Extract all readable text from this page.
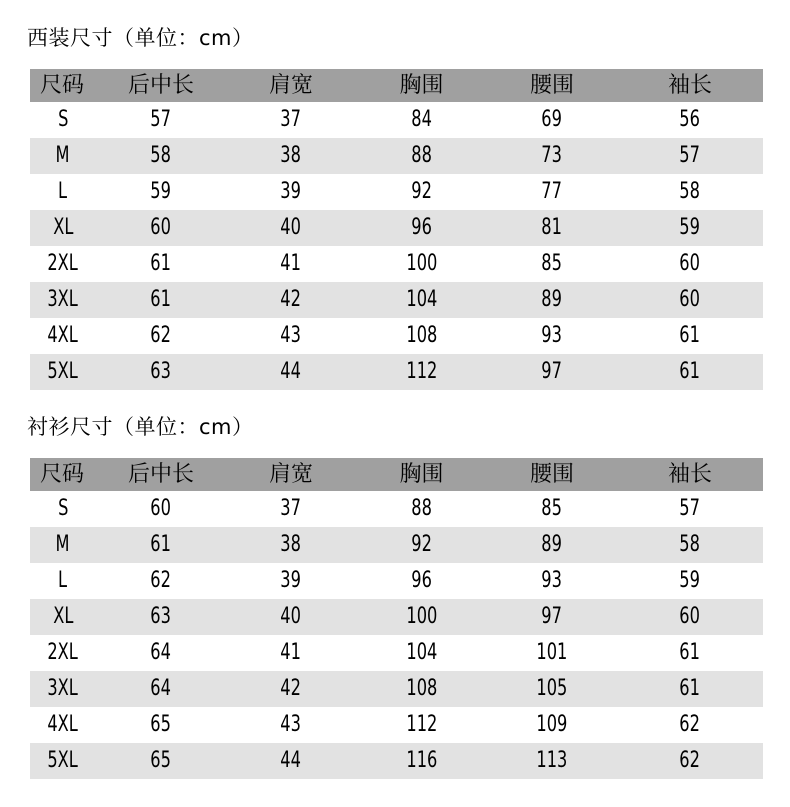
西装尺寸（单位：cm）
尺码	后中长	肩宽	胸围	腰围	袖长
S	57	37	84	69	56
M	58	38	88	73	57
L	59	39	92	77	58
XL	60	40	96	81	59
2XL	61	41	100	85	60
3XL	61	42	104	89	60
4XL	62	43	108	93	61
5XL	63	44	112	97	61
衬衫尺寸（单位：cm）
尺码	后中长	肩宽	胸围	腰围	袖长
S	60	37	88	85	57
M	61	38	92	89	58
L	62	39	96	93	59
XL	63	40	100	97	60
2XL	64	41	104	101	61
3XL	64	42	108	105	61
4XL	65	43	112	109	62
5XL	65	44	116	113	62
